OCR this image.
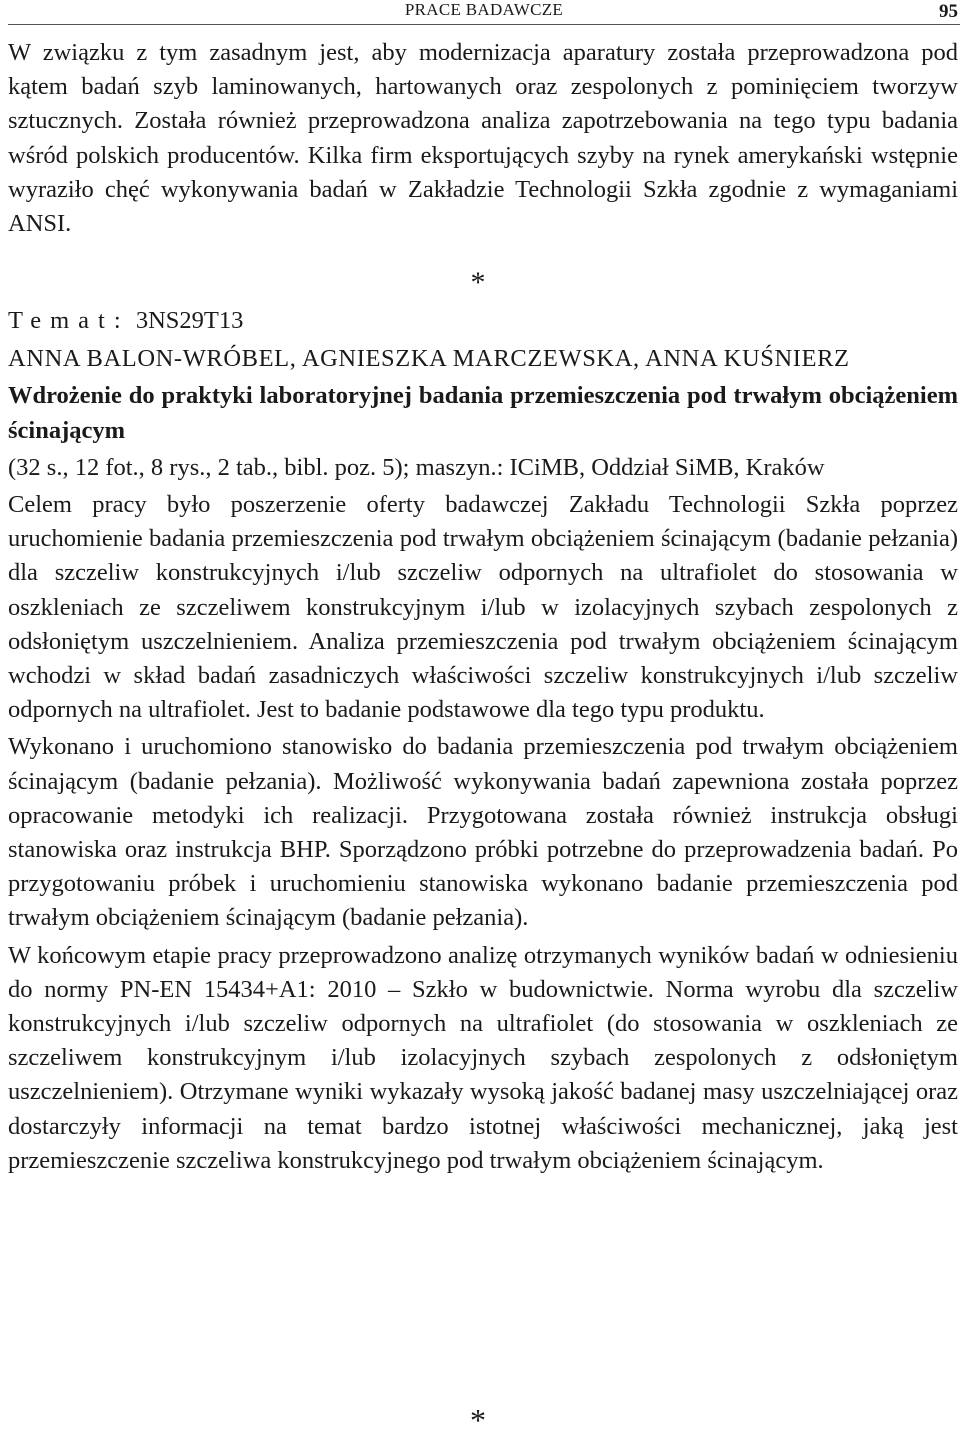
PRACE BADAWCZE	95

W związku z tym zasadnym jest, aby modernizacja aparatury została przeprowadzona pod kątem badań szyb laminowanych, hartowanych oraz zespolonych z pominięciem tworzyw sztucznych. Została również przeprowadzona analiza zapotrzebowania na tego typu badania wśród polskich producentów. Kilka firm eksportujących szyby na rynek amerykański wstępnie wyraziło chęć wykonywania badań w Zakładzie Technologii Szkła zgodnie z wymaganiami ANSI.

*

Temat: 3NS29T13

ANNA BALON-WRÓBEL, AGNIESZKA MARCZEWSKA, ANNA KUŚNIERZ

Wdrożenie do praktyki laboratoryjnej badania przemieszczenia pod trwałym obciążeniem ścinającym

(32 s., 12 fot., 8 rys., 2 tab., bibl. poz. 5); maszyn.: ICiMB, Oddział SiMB, Kraków

Celem pracy było poszerzenie oferty badawczej Zakładu Technologii Szkła poprzez uruchomienie badania przemieszczenia pod trwałym obciążeniem ścinającym (badanie pełzania) dla szczeliw konstrukcyjnych i/lub szczeliw odpornych na ultrafiolet do stosowania w oszkleniach ze szczeliwem konstrukcyjnym i/lub w izolacyjnych szybach zespolonych z odsłoniętym uszczelnieniem. Analiza przemieszczenia pod trwałym obciążeniem ścinającym wchodzi w skład badań zasadniczych właściwości szczeliw konstrukcyjnych i/lub szczeliw odpornych na ultrafiolet. Jest to badanie podstawowe dla tego typu produktu.

Wykonano i uruchomiono stanowisko do badania przemieszczenia pod trwałym obciążeniem ścinającym (badanie pełzania). Możliwość wykonywania badań zapewniona została poprzez opracowanie metodyki ich realizacji. Przygotowana została również instrukcja obsługi stanowiska oraz instrukcja BHP. Sporządzono próbki potrzebne do przeprowadzenia badań. Po przygotowaniu próbek i uruchomieniu stanowiska wykonano badanie przemieszczenia pod trwałym obciążeniem ścinającym (badanie pełzania).

W końcowym etapie pracy przeprowadzono analizę otrzymanych wyników badań w odniesieniu do normy PN-EN 15434+A1: 2010 – Szkło w budownictwie. Norma wyrobu dla szczeliw konstrukcyjnych i/lub szczeliw odpornych na ultrafiolet (do stosowania w oszkleniach ze szczeliwem konstrukcyjnym i/lub izolacyjnych szybach zespolonych z odsłoniętym uszczelnieniem). Otrzymane wyniki wykazały wysoką jakość badanej masy uszczelniającej oraz dostarczyły informacji na temat bardzo istotnej właściwości mechanicznej, jaką jest przemieszczenie szczeliwa konstrukcyjnego pod trwałym obciążeniem ścinającym.

*
